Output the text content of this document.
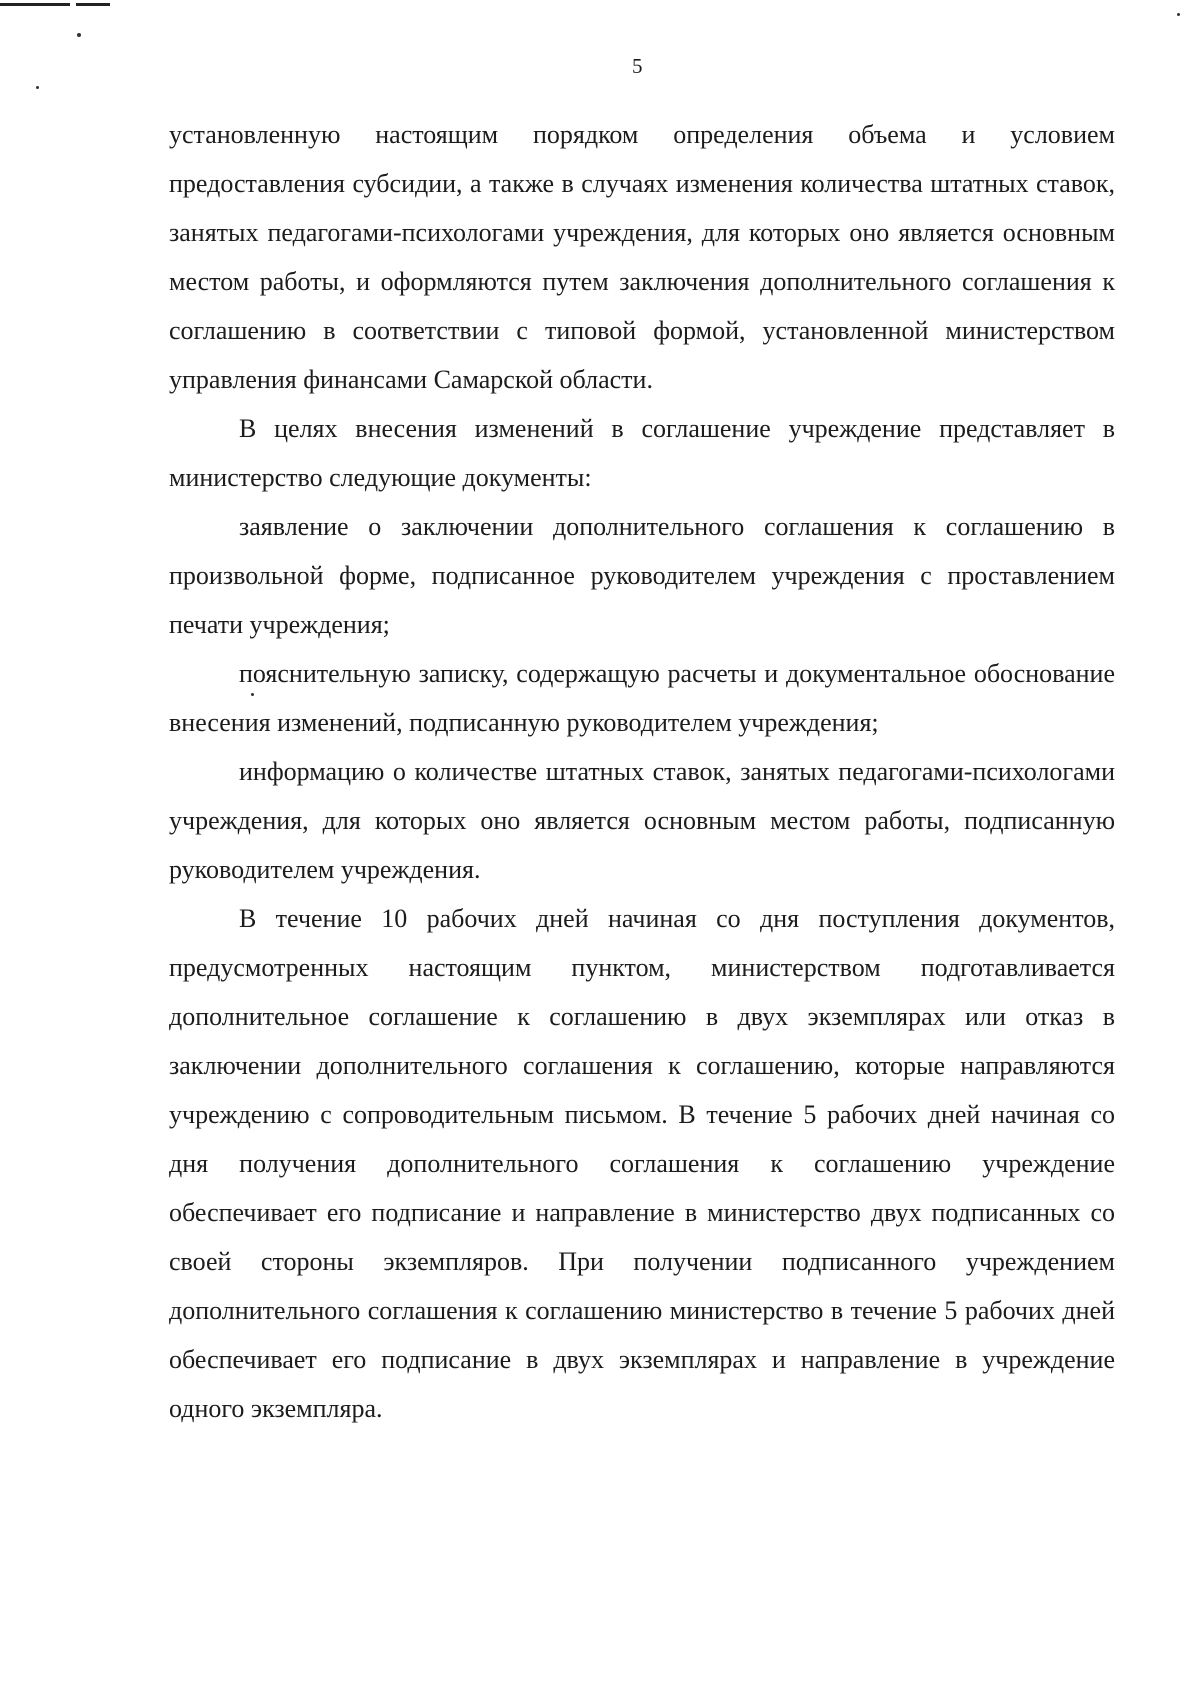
5

установленную настоящим порядком определения объема и условием предоставления субсидии, а также в случаях изменения количества штатных ставок, занятых педагогами-психологами учреждения, для которых оно является основным местом работы, и оформляются путем заключения дополнительного соглашения к соглашению в соответствии с типовой формой, установленной министерством управления финансами Самарской области.

В целях внесения изменений в соглашение учреждение представляет в министерство следующие документы:

заявление о заключении дополнительного соглашения к соглашению в произвольной форме, подписанное руководителем учреждения с проставлением печати учреждения;

пояснительную записку, содержащую расчеты и документальное обоснование внесения изменений, подписанную руководителем учреждения;

информацию о количестве штатных ставок, занятых педагогами-психологами учреждения, для которых оно является основным местом работы, подписанную руководителем учреждения.

В течение 10 рабочих дней начиная со дня поступления документов, предусмотренных настоящим пунктом, министерством подготавливается дополнительное соглашение к соглашению в двух экземплярах или отказ в заключении дополнительного соглашения к соглашению, которые направляются учреждению с сопроводительным письмом. В течение 5 рабочих дней начиная со дня получения дополнительного соглашения к соглашению учреждение обеспечивает его подписание и направление в министерство двух подписанных со своей стороны экземпляров. При получении подписанного учреждением дополнительного соглашения к соглашению министерство в течение 5 рабочих дней обеспечивает его подписание в двух экземплярах и направление в учреждение одного экземпляра.
